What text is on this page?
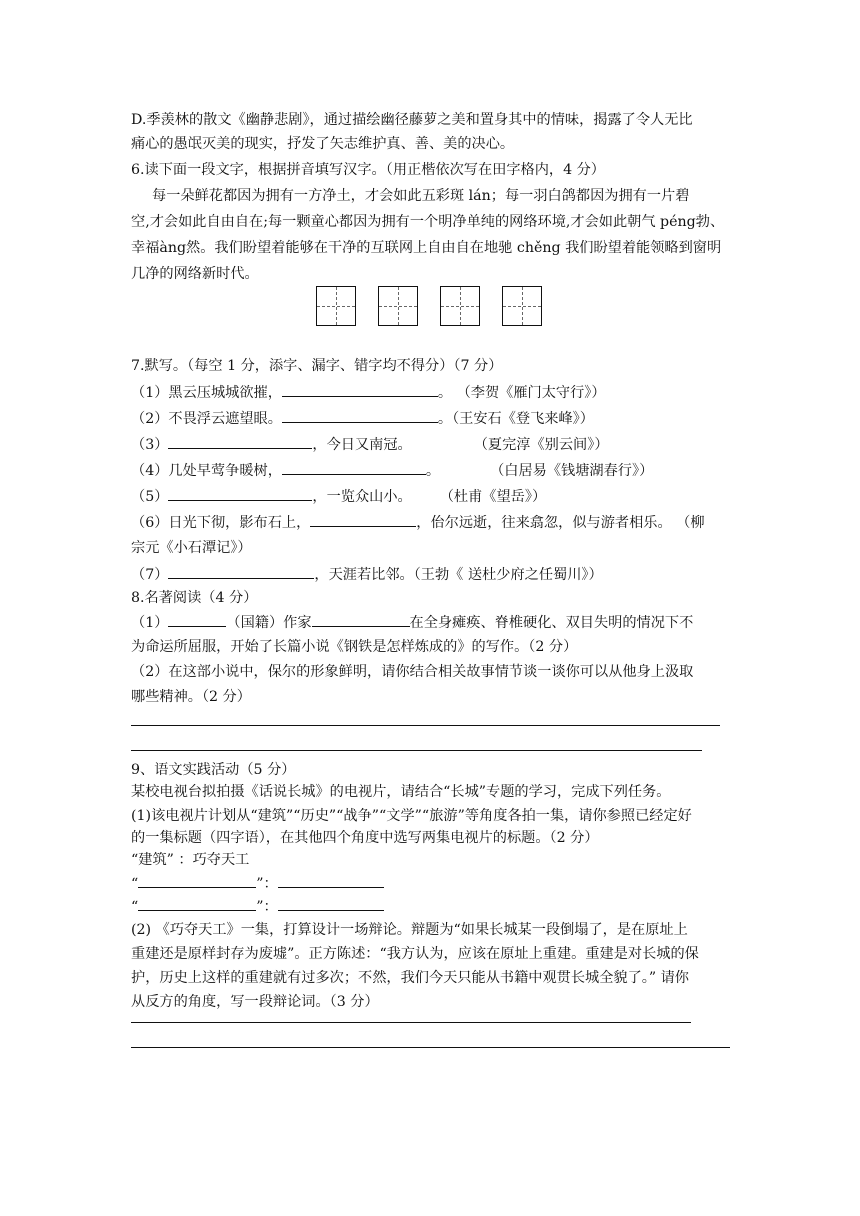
D.季羡林的散文《幽静悲剧》，通过描绘幽径藤萝之美和置身其中的情味，揭露了令人无比
痛心的愚氓灭美的现实，抒发了矢志维护真、善、美的决心。
6.读下面一段文字，根据拼音填写汉字。（用正楷依次写在田字格内，4 分）
每一朵鲜花都因为拥有一方净土，才会如此五彩斑 lán；每一羽白鸽都因为拥有一片碧
空,才会如此自由自在;每一颗童心都因为拥有一个明净单纯的网络环境,才会如此朝气 péng勃、
幸福àng然。我们盼望着能够在干净的互联网上自由自在地驰 chěng 我们盼望着能领略到窗明
几净的网络新时代。
7.默写。（每空 1 分，添字、漏字、错字均不得分）（7 分）
（1）黑云压城城欲摧，	。 （李贺《雁门太守行》）
（2）不畏浮云遮望眼。	。（王安石《登飞来峰》）
（3）	，今日又南冠。	（夏完淳《别云间》）
（4）几处早莺争暖树，	。	（白居易《钱塘湖春行》）
（5）	，一览众山小。 （杜甫《望岳》）
（6）日光下彻，影布石上，	，佁尔远逝，往来翕忽，似与游者相乐。 （柳
宗元《小石潭记》）
（7）	，天涯若比邻。（王勃《 送杜少府之任蜀川》）
8.名著阅读（4 分）
（1）	（国籍）作家	在全身瘫痪、脊椎硬化、双目失明的情况下不
为命运所屈服，开始了长篇小说《钢铁是怎样炼成的》的写作。（2 分）
（2）在这部小说中，保尔的形象鲜明，请你结合相关故事情节谈一谈你可以从他身上汲取
哪些精神。（2 分）
9、语文实践活动（5 分）
某校电视台拟拍摄《话说长城》的电视片，请结合“长城”专题的学习，完成下列任务。
(1)该电视片计划从“建筑”“历史”“战争”“文学”“旅游”等角度各拍一集，请你参照已经定好
的一集标题（四字语），在其他四个角度中选写两集电视片的标题。（2 分）
“建筑” ：巧夺天工
“	”：
“	”：
(2) 《巧夺天工》一集，打算设计一场辩论。辩题为“如果长城某一段倒塌了，是在原址上
重建还是原样封存为废墟”。正方陈述：“我方认为，应该在原址上重建。重建是对长城的保
护，历史上这样的重建就有过多次；不然，我们今天只能从书籍中观贯长城全貌了。” 请你
从反方的角度，写一段辩论词。（3 分）
